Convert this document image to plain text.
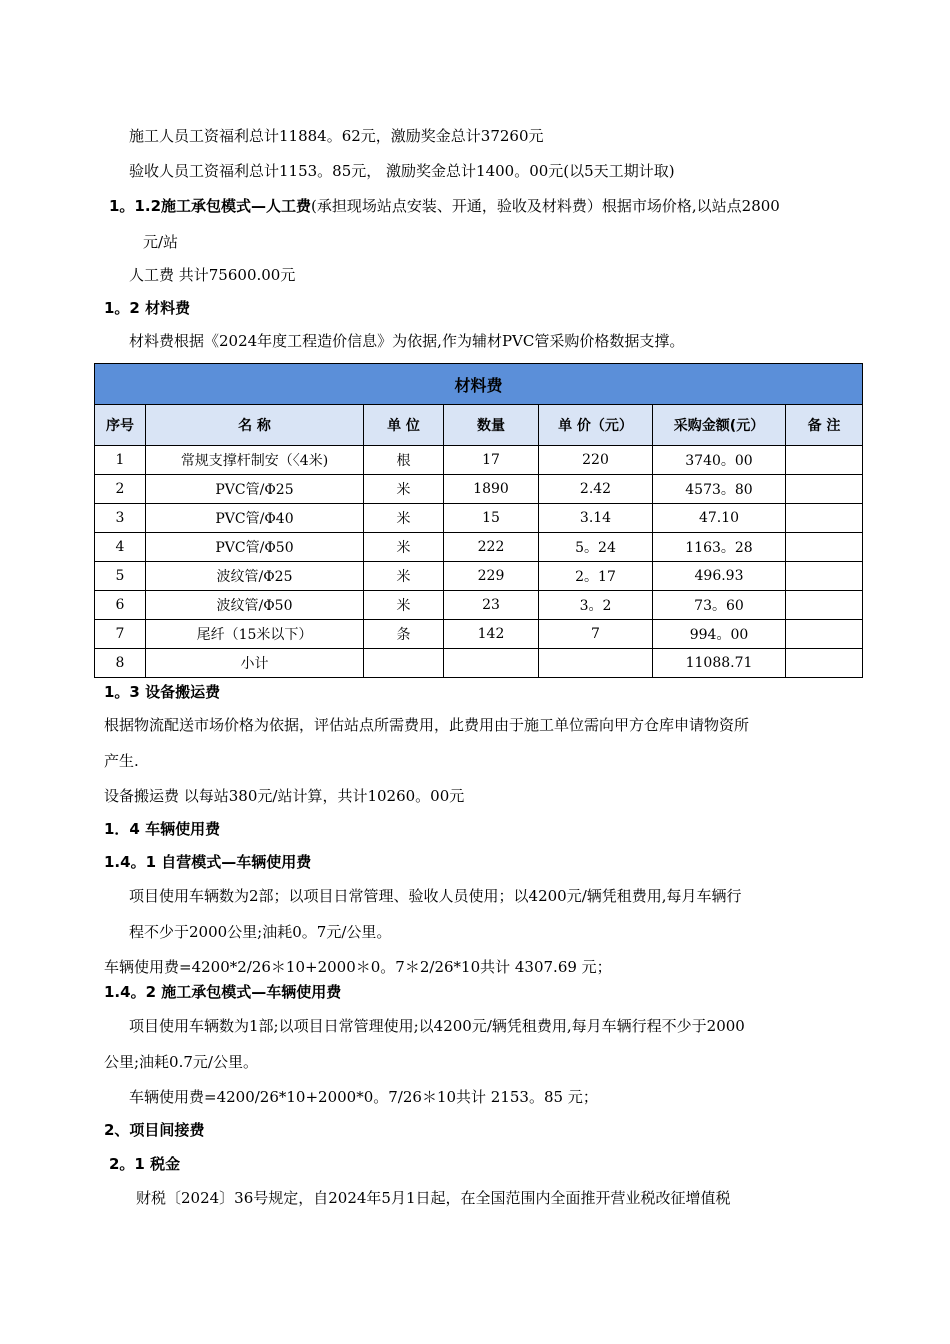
施工人员工资福利总计11884。62元，激励奖金总计37260元
验收人员工资福利总计1153。85元， 激励奖金总计1400。00元(以5天工期计取)
1。1.2施工承包模式—人工费(承担现场站点安装、开通，验收及材料费）根据市场价格,以站点2800
元/站
人工费 共计75600.00元
1。2 材料费
材料费根据《2024年度工程造价信息》为依据,作为辅材PVC管采购价格数据支撑。
材料费						
序号	名 称	单 位	数量	单 价（元）	采购金额(元）	备 注
1	常规支撑杆制安（〈4米)	根	17	220	3740。00	
2	PVC管/Φ25	米	1890	2.42	4573。80	
3	PVC管/Φ40	米	15	3.14	47.10	
4	PVC管/Φ50	米	222	5。24	1163。28	
5	波纹管/Φ25	米	229	2。17	496.93	
6	波纹管/Φ50	米	23	3。2	73。60	
7	尾纤（15米以下）	条	142	7	994。00	
8	小计				11088.71	
1。3 设备搬运费
根据物流配送市场价格为依据，评估站点所需费用，此费用由于施工单位需向甲方仓库申请物资所
产生.
设备搬运费 以每站380元/站计算，共计10260。00元
1．4 车辆使用费
1.4。1 自营模式—车辆使用费
项目使用车辆数为2部；以项目日常管理、验收人员使用；以4200元/辆凭租费用,每月车辆行
程不少于2000公里;油耗0。7元/公里。
车辆使用费=4200*2/26＊10+2000＊0。7＊2/26*10共计 4307.69 元；
1.4。2 施工承包模式—车辆使用费
项目使用车辆数为1部;以项目日常管理使用;以4200元/辆凭租费用,每月车辆行程不少于2000
公里;油耗0.7元/公里。
车辆使用费=4200/26*10+2000*0。7/26＊10共计 2153。85 元；
2、项目间接费
2。1 税金
财税〔2024〕36号规定，自2024年5月1日起，在全国范围内全面推开营业税改征增值税
